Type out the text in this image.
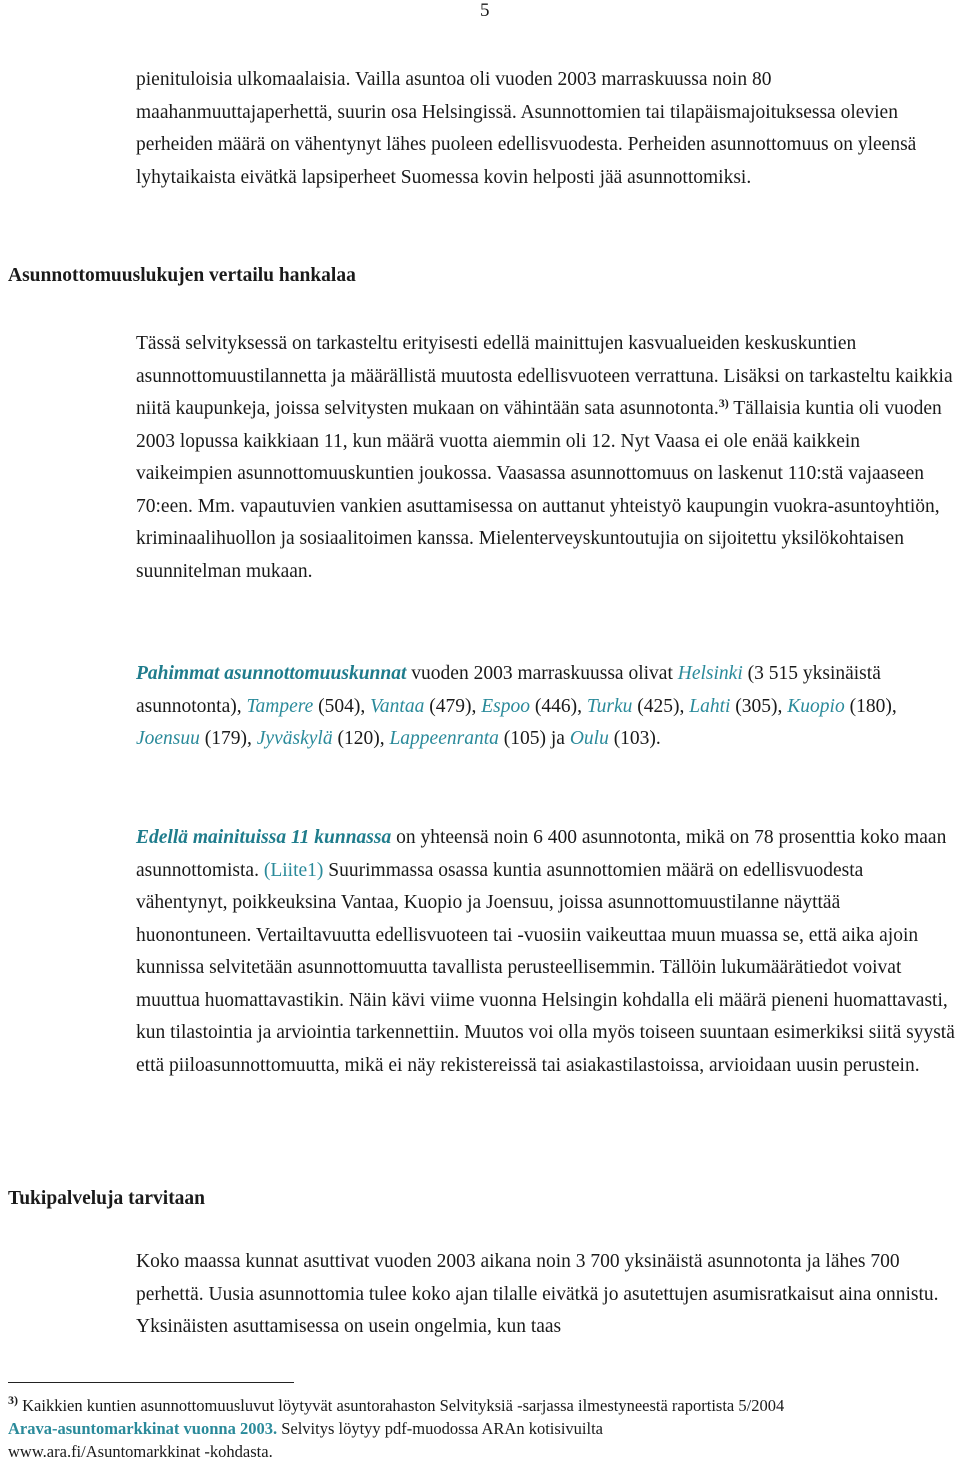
5

pienituloisia ulkomaalaisia. Vailla asuntoa oli vuoden 2003 marraskuussa noin 80 maahanmuuttajaperhettä, suurin osa Helsingissä. Asunnottomien tai tilapäismajoituksessa olevien perheiden määrä on vähentynyt lähes puoleen edellisvuodesta. Perheiden asunnottomuus on yleensä lyhytaikaista eivätkä lapsiperheet Suomessa kovin helposti jää asunnottomiksi.

Asunnottomuuslukujen vertailu hankalaa

Tässä selvityksessä on tarkasteltu erityisesti edellä mainittujen kasvualueiden keskuskuntien asunnottomuustilannetta ja määrällistä muutosta edellisvuoteen verrattuna. Lisäksi on tarkasteltu kaikkia niitä kaupunkeja, joissa selvitysten mukaan on vähintään sata asunnotonta.$^{3)}$ Tällaisia kuntia oli vuoden 2003 lopussa kaikkiaan 11, kun määrä vuotta aiemmin oli 12. Nyt Vaasa ei ole enää kaikkein vaikeimpien asunnottomuuskuntien joukossa. Vaasassa asunnottomuus on laskenut 110:stä vajaaseen 70:een. Mm. vapautuvien vankien asuttamisessa on auttanut yhteistyö kaupungin vuokra-asuntoyhtiön, kriminaalihuollon ja sosiaalitoimen kanssa. Mielenterveyskuntoutujia on sijoitettu yksilökohtaisen suunnitelman mukaan.

Pahimmat asunnottomuuskunnat vuoden 2003 marraskuussa olivat Helsinki (3 515 yksinäistä asunnotonta), Tampere (504), Vantaa (479), Espoo (446), Turku (425), Lahti (305), Kuopio (180), Joensuu (179), Jyväskylä (120), Lappeenranta (105) ja Oulu (103).

Edellä mainituissa 11 kunnassa on yhteensä noin 6 400 asunnotonta, mikä on 78 prosenttia koko maan asunnottomista. (Liite1) Suurimmassa osassa kuntia asunnottomien määrä on edellisvuodesta vähentynyt, poikkeuksina Vantaa, Kuopio ja Joensuu, joissa asunnottomuustilanne näyttää huonontuneen. Vertailtavuutta edellisvuoteen tai -vuosiin vaikeuttaa muun muassa se, että aika ajoin kunnissa selvitetään asunnottomuutta tavallista perusteellisemmin. Tällöin lukumäärätiedot voivat muuttua huomattavastikin. Näin kävi viime vuonna Helsingin kohdalla eli määrä pieneni huomattavasti, kun tilastointia ja arviointia tarkennettiin. Muutos voi olla myös toiseen suuntaan esimerkiksi siitä syystä että piiloasunnottomuutta, mikä ei näy rekistereissä tai asiakastilastoissa, arvioidaan uusin perustein.

Tukipalveluja tarvitaan

Koko maassa kunnat asuttivat vuoden 2003 aikana noin 3 700 yksinäistä asunnotonta ja lähes 700 perhettä. Uusia asunnottomia tulee koko ajan tilalle eivätkä jo asutettujen asumisratkaisut aina onnistu. Yksinäisten asuttamisessa on usein ongelmia, kun taas

$^{3)}$ Kaikkien kuntien asunnottomuusluvut löytyvät asuntorahaston Selvityksiä -sarjassa ilmestyneestä raportista 5/2004
Arava-asuntomarkkinat vuonna 2003. Selvitys löytyy pdf-muodossa ARAn kotisivuilta
www.ara.fi/Asuntomarkkinat -kohdasta.
